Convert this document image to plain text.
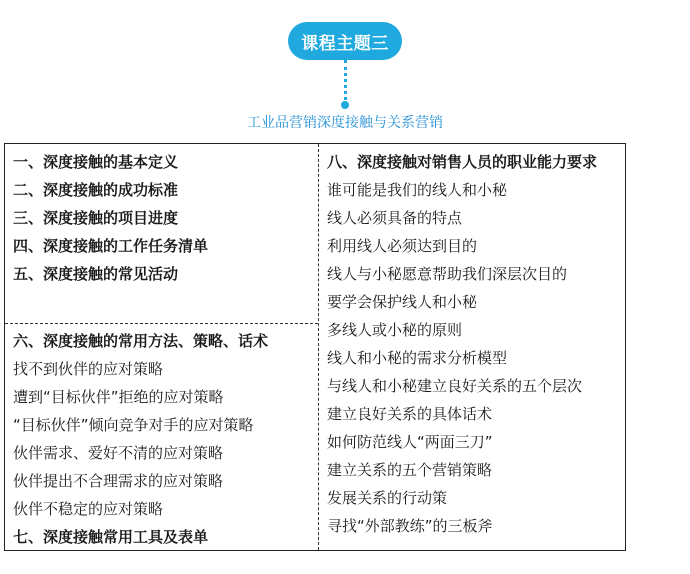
课程主题三
工业品营销深度接触与关系营销
一、深度接触的基本定义
二、深度接触的成功标准
三、深度接触的项目进度
四、深度接触的工作任务清单
五、深度接触的常见活动
六、深度接触的常用方法、策略、话术
找不到伙伴的应对策略
遭到“目标伙伴”拒绝的应对策略
“目标伙伴”倾向竞争对手的应对策略
伙伴需求、爱好不清的应对策略
伙伴提出不合理需求的应对策略
伙伴不稳定的应对策略
七、深度接触常用工具及表单
八、深度接触对销售人员的职业能力要求
谁可能是我们的线人和小秘
线人必须具备的特点
利用线人必须达到目的
线人与小秘愿意帮助我们深层次目的
要学会保护线人和小秘
多线人或小秘的原则
线人和小秘的需求分析模型
与线人和小秘建立良好关系的五个层次
建立良好关系的具体话术
如何防范线人“两面三刀”
建立关系的五个营销策略
发展关系的行动策
寻找“外部教练”的三板斧
